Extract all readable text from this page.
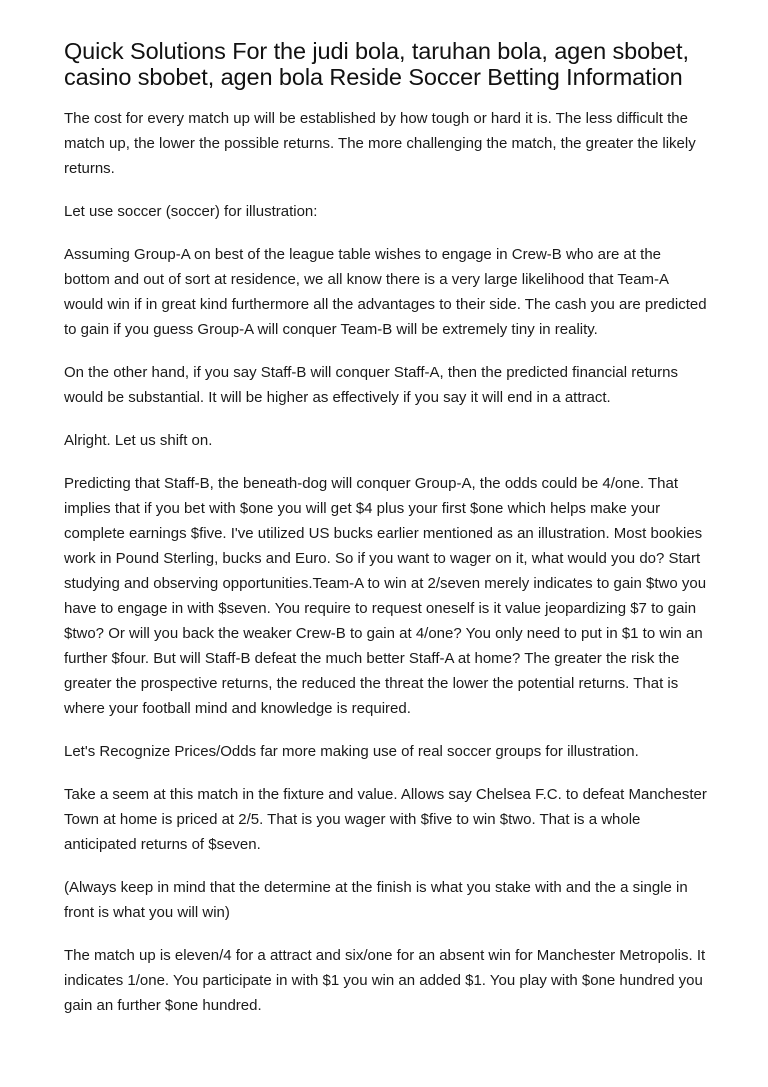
Quick Solutions For the judi bola, taruhan bola, agen sbobet, casino sbobet, agen bola Reside Soccer Betting Information

The cost for every match up will be established by how tough or hard it is. The less difficult the match up, the lower the possible returns. The more challenging the match, the greater the likely returns.

Let use soccer (soccer) for illustration:

Assuming Group-A on best of the league table wishes to engage in Crew-B who are at the bottom and out of sort at residence, we all know there is a very large likelihood that Team-A would win if in great kind furthermore all the advantages to their side. The cash you are predicted to gain if you guess Group-A will conquer Team-B will be extremely tiny in reality.

On the other hand, if you say Staff-B will conquer Staff-A, then the predicted financial returns would be substantial. It will be higher as effectively if you say it will end in a attract.

Alright. Let us shift on.

Predicting that Staff-B, the beneath-dog will conquer Group-A, the odds could be 4/one. That implies that if you bet with $one you will get $4 plus your first $one which helps make your complete earnings $five. I've utilized US bucks earlier mentioned as an illustration. Most bookies work in Pound Sterling, bucks and Euro. So if you want to wager on it, what would you do? Start studying and observing opportunities.Team-A to win at 2/seven merely indicates to gain $two you have to engage in with $seven. You require to request oneself is it value jeopardizing $7 to gain $two? Or will you back the weaker Crew-B to gain at 4/one? You only need to put in $1 to win an further $four. But will Staff-B defeat the much better Staff-A at home? The greater the risk the greater the prospective returns, the reduced the threat the lower the potential returns. That is where your football mind and knowledge is required.

Let's Recognize Prices/Odds far more making use of real soccer groups for illustration.

Take a seem at this match in the fixture and value. Allows say Chelsea F.C. to defeat Manchester Town at home is priced at 2/5. That is you wager with $five to win $two. That is a whole anticipated returns of $seven.

(Always keep in mind that the determine at the finish is what you stake with and the a single in front is what you will win)

The match up is eleven/4 for a attract and six/one for an absent win for Manchester Metropolis. It indicates 1/one. You participate in with $1 you win an added $1. You play with $one hundred you gain an further $one hundred.
